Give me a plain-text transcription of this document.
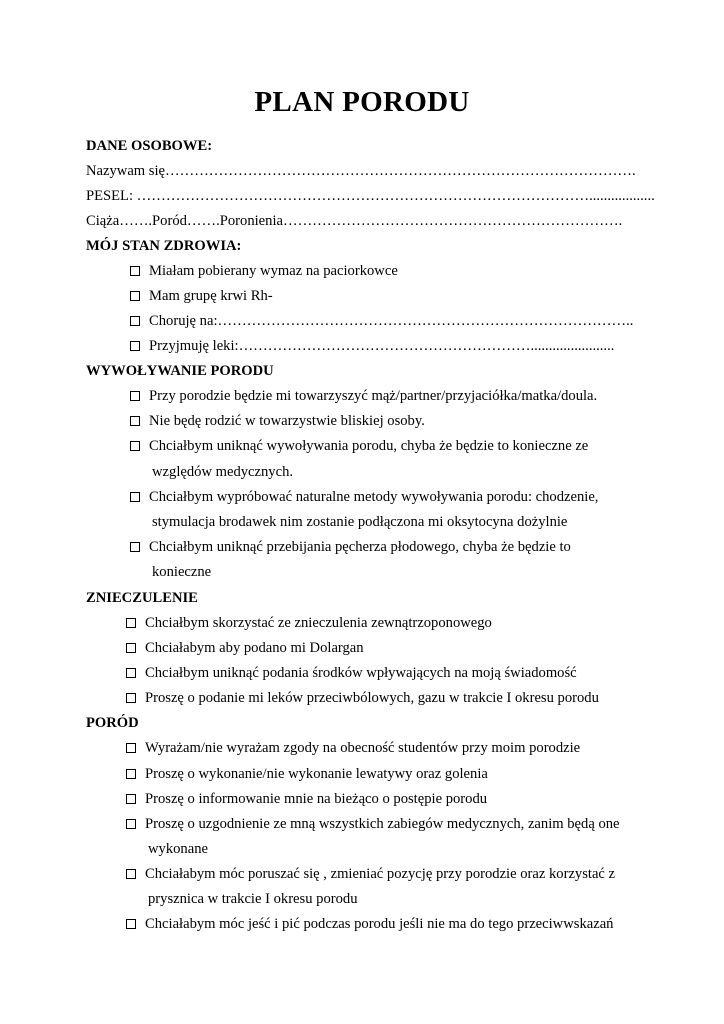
PLAN PORODU
DANE OSOBOWE:
Nazywam się…………………………………………………………………………………….
PESEL: …………………………………………………………………………………..................
Ciąża…….Poród…….Poronienia…………………………………………………………….
MÓJ STAN ZDROWIA:
Miałam pobierany wymaz na paciorkowce
Mam grupę krwi Rh-
Choruję na:…………………………………………………………………………..
Przyjmuję leki:…………………………………………………….......................
WYWOŁYWANIE PORODU
Przy porodzie będzie mi towarzyszyć mąż/partner/przyjaciółka/matka/doula.
Nie będę rodzić w towarzystwie bliskiej osoby.
Chciałbym uniknąć wywoływania porodu, chyba że będzie to konieczne ze
względów medycznych.
Chciałbym wypróbować naturalne metody wywoływania porodu: chodzenie,
stymulacja brodawek nim zostanie podłączona mi oksytocyna dożylnie
Chciałbym uniknąć przebijania pęcherza płodowego, chyba że będzie to
konieczne
ZNIECZULENIE
Chciałbym skorzystać ze znieczulenia zewnątrzoponowego
Chciałabym aby podano mi Dolargan
Chciałbym uniknąć podania środków wpływających na moją świadomość
Proszę o podanie mi leków przeciwbólowych, gazu w trakcie I okresu porodu
PORÓD
Wyrażam/nie wyrażam zgody na obecność studentów przy moim porodzie
Proszę o wykonanie/nie wykonanie lewatywy oraz golenia
Proszę o informowanie mnie na bieżąco o postępie porodu
Proszę o uzgodnienie ze mną wszystkich zabiegów medycznych, zanim będą one
wykonane
Chciałabym móc poruszać się , zmieniać pozycję przy porodzie oraz korzystać z
prysznica w trakcie I okresu porodu
Chciałabym móc jeść i pić podczas porodu jeśli nie ma do tego przeciwwskazań
